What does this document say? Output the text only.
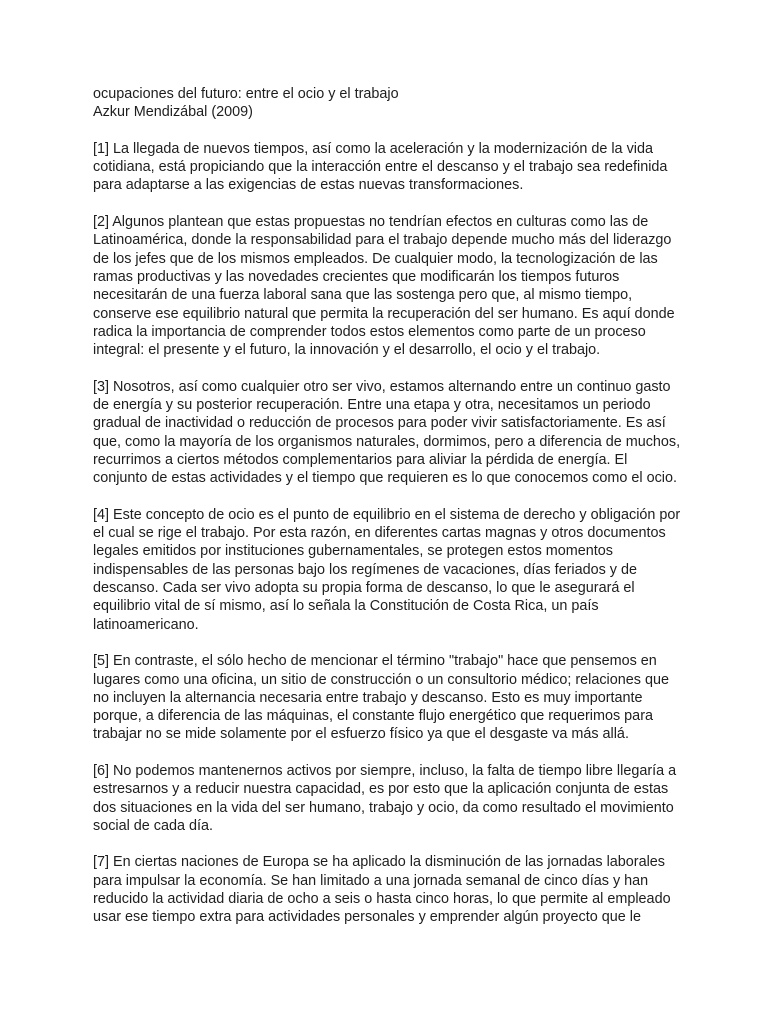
ocupaciones del futuro: entre el ocio y el trabajo

Azkur Mendizábal (2009)

[1] La llegada de nuevos tiempos, así como la aceleración y la modernización de la vida
cotidiana, está propiciando que la interacción entre el descanso y el trabajo sea redefinida
para adaptarse a las exigencias de estas nuevas transformaciones.

[2] Algunos plantean que estas propuestas no tendrían efectos en culturas como las de
Latinoamérica, donde la responsabilidad para el trabajo depende mucho más del liderazgo
de los jefes que de los mismos empleados. De cualquier modo, la tecnologización de las
ramas productivas y las novedades crecientes que modificarán los tiempos futuros
necesitarán de una fuerza laboral sana que las sostenga pero que, al mismo tiempo,
conserve ese equilibrio natural que permita la recuperación del ser humano. Es aquí donde
radica la importancia de comprender todos estos elementos como parte de un proceso
integral: el presente y el futuro, la innovación y el desarrollo, el ocio y el trabajo.

[3] Nosotros, así como cualquier otro ser vivo, estamos alternando entre un continuo gasto
de energía y su posterior recuperación. Entre una etapa y otra, necesitamos un periodo
gradual de inactividad o reducción de procesos para poder vivir satisfactoriamente. Es así
que, como la mayoría de los organismos naturales, dormimos, pero a diferencia de muchos,
recurrimos a ciertos métodos complementarios para aliviar la pérdida de energía. El
conjunto de estas actividades y el tiempo que requieren es lo que conocemos como el ocio.

[4] Este concepto de ocio es el punto de equilibrio en el sistema de derecho y obligación por
el cual se rige el trabajo. Por esta razón, en diferentes cartas magnas y otros documentos
legales emitidos por instituciones gubernamentales, se protegen estos momentos
indispensables de las personas bajo los regímenes de vacaciones, días feriados y de
descanso. Cada ser vivo adopta su propia forma de descanso, lo que le asegurará el
equilibrio vital de sí mismo, así lo señala la Constitución de Costa Rica, un país
latinoamericano.

[5] En contraste, el sólo hecho de mencionar el término "trabajo" hace que pensemos en
lugares como una oficina, un sitio de construcción o un consultorio médico; relaciones que
no incluyen la alternancia necesaria entre trabajo y descanso. Esto es muy importante
porque, a diferencia de las máquinas, el constante flujo energético que requerimos para
trabajar no se mide solamente por el esfuerzo físico ya que el desgaste va más allá.

[6] No podemos mantenernos activos por siempre, incluso, la falta de tiempo libre llegaría a
estresarnos y a reducir nuestra capacidad, es por esto que la aplicación conjunta de estas
dos situaciones en la vida del ser humano, trabajo y ocio, da como resultado el movimiento
social de cada día.

[7] En ciertas naciones de Europa se ha aplicado la disminución de las jornadas laborales
para impulsar la economía. Se han limitado a una jornada semanal de cinco días y han
reducido la actividad diaria de ocho a seis o hasta cinco horas, lo que permite al empleado
usar ese tiempo extra para actividades personales y emprender algún proyecto que le
